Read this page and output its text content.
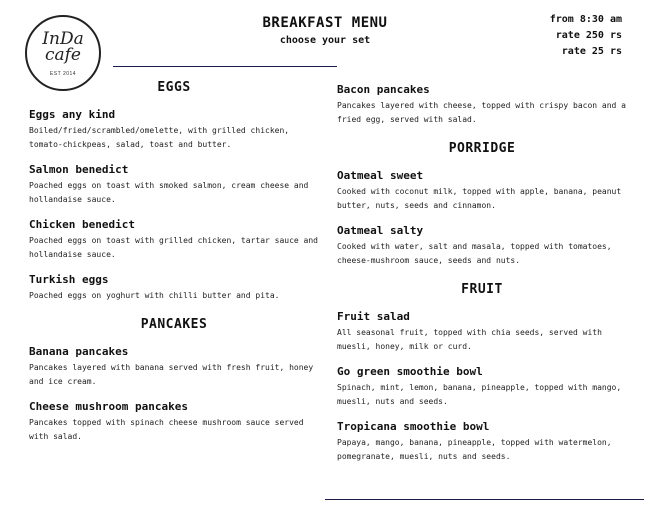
InDa
cafe
EST 2014
BREAKFAST MENU
choose your set
from 8:30 am
rate 250 rs
rate 25 rs
EGGS
Eggs any kind
Boiled/fried/scrambled/omelette, with grilled chicken, tomato-chickpeas, salad, toast and butter.
Salmon benedict
Poached eggs on toast with smoked salmon, cream cheese and hollandaise sauce.
Chicken benedict
Poached eggs on toast with grilled chicken, tartar sauce and hollandaise sauce.
Turkish eggs
Poached eggs on yoghurt with chilli butter and pita.
PANCAKES
Banana pancakes
Pancakes layered with banana served with fresh fruit, honey and ice cream.
Cheese mushroom pancakes
Pancakes topped with spinach cheese mushroom sauce served with salad.
Bacon pancakes
Pancakes layered with cheese, topped with crispy bacon and a fried egg, served with salad.
PORRIDGE
Oatmeal sweet
Cooked with coconut milk, topped with apple, banana, peanut butter, nuts, seeds and cinnamon.
Oatmeal salty
Cooked with water, salt and masala, topped with tomatoes, cheese-mushroom sauce, seeds and nuts.
FRUIT
Fruit salad
All seasonal fruit, topped with chia seeds, served with muesli, honey, milk or curd.
Go green smoothie bowl
Spinach, mint, lemon, banana, pineapple, topped with mango, muesli, nuts and seeds.
Tropicana smoothie bowl
Papaya, mango, banana, pineapple, topped with watermelon, pomegranate, muesli, nuts and seeds.
